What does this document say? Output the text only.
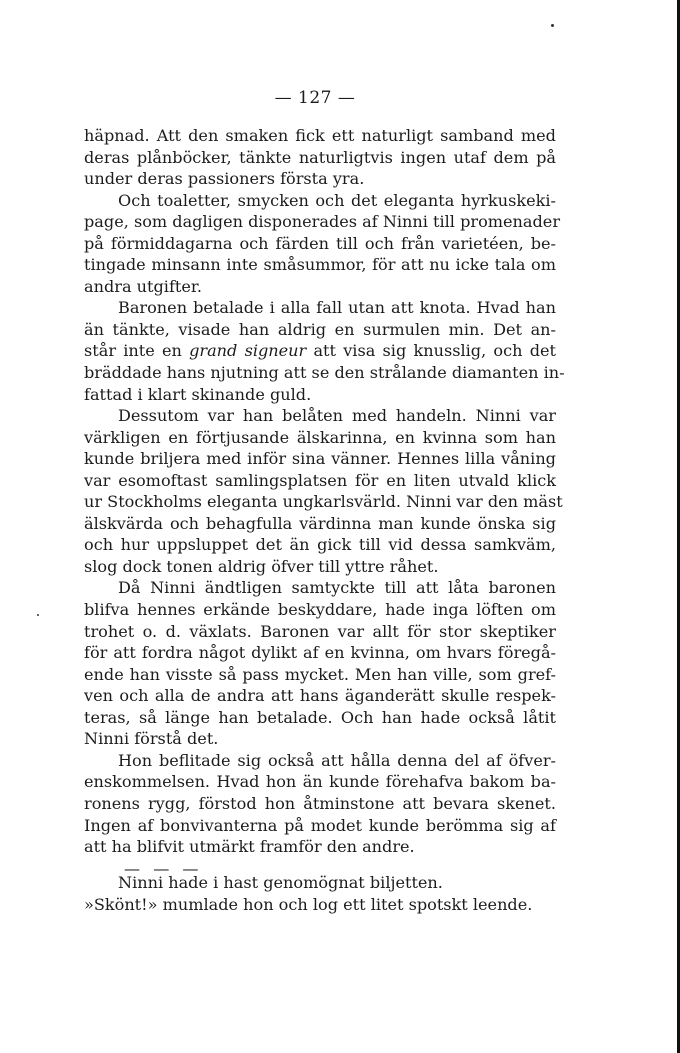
— 127 —
häpnad. Att den smaken fick ett naturligt samband med
deras plånböcker, tänkte naturligtvis ingen utaf dem på
under deras passioners första yra.
Och toaletter, smycken och det eleganta hyrkuskeki-
page, som dagligen disponerades af Ninni till promenader
på förmiddagarna och färden till och från varietéen, be-
tingade minsann inte småsummor, för att nu icke tala om
andra utgifter.
Baronen betalade i alla fall utan att knota. Hvad han
än tänkte, visade han aldrig en surmulen min. Det an-
står inte en grand signeur att visa sig knusslig, och det
bräddade hans njutning att se den strålande diamanten in-
fattad i klart skinande guld.
Dessutom var han belåten med handeln. Ninni var
värkligen en förtjusande älskarinna, en kvinna som han
kunde briljera med inför sina vänner. Hennes lilla våning
var esomoftast samlingsplatsen för en liten utvald klick
ur Stockholms eleganta ungkarlsvärld. Ninni var den mäst
älskvärda och behagfulla värdinna man kunde önska sig
och hur uppsluppet det än gick till vid dessa samkväm,
slog dock tonen aldrig öfver till yttre råhet.
Då Ninni ändtligen samtyckte till att låta baronen
blifva hennes erkände beskyddare, hade inga löften om
trohet o. d. växlats. Baronen var allt för stor skeptiker
för att fordra något dylikt af en kvinna, om hvars föregå-
ende han visste så pass mycket. Men han ville, som gref-
ven och alla de andra att hans äganderätt skulle respek-
teras, så länge han betalade. Och han hade också låtit
Ninni förstå det.
Hon beflitade sig också att hålla denna del af öfver-
enskommelsen. Hvad hon än kunde förehafva bakom ba-
ronens rygg, förstod hon åtminstone att bevara skenet.
Ingen af bonvivanterna på modet kunde berömma sig af
att ha blifvit utmärkt framför den andre.
— — —
Ninni hade i hast genomögnat biljetten.
»Skönt!» mumlade hon och log ett litet spotskt leende.
